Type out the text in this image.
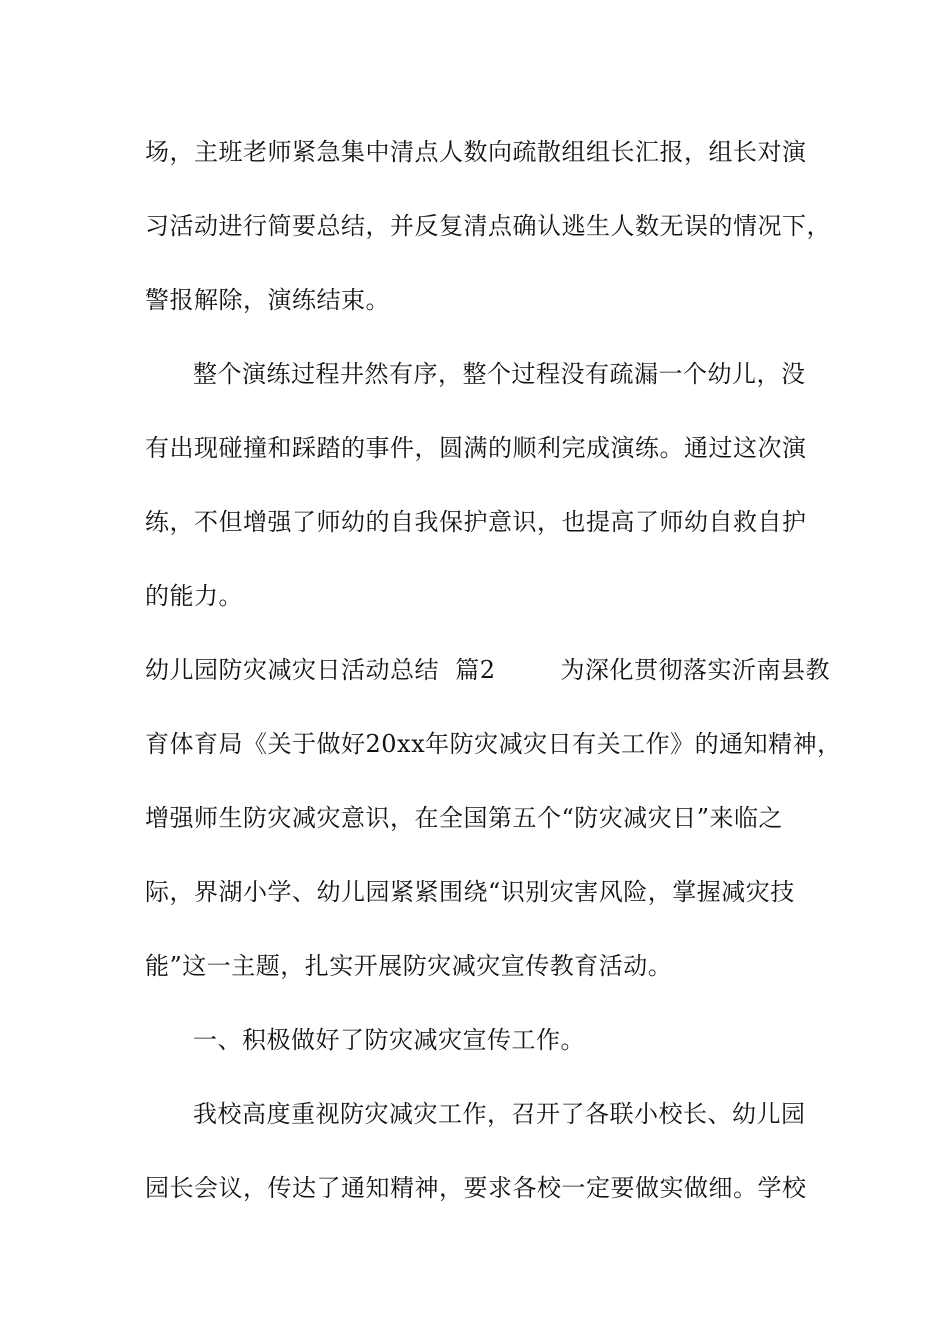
场，主班老师紧急集中清点人数向疏散组组长汇报，组长对演
习活动进行简要总结，并反复清点确认逃生人数无误的情况下，
警报解除，演练结束。
整个演练过程井然有序，整个过程没有疏漏一个幼儿，没
有出现碰撞和踩踏的事件，圆满的顺利完成演练。通过这次演
练，不但增强了师幼的自我保护意识，也提高了师幼自救自护
的能力。
幼儿园防灾减灾日活动总结  篇2        为深化贯彻落实沂南县教
育体育局《关于做好20xx年防灾减灾日有关工作》的通知精神，
增强师生防灾减灾意识，在全国第五个“防灾减灾日”来临之
际，界湖小学、幼儿园紧紧围绕“识别灾害风险，掌握减灾技
能”这一主题，扎实开展防灾减灾宣传教育活动。
一、积极做好了防灾减灾宣传工作。
我校高度重视防灾减灾工作，召开了各联小校长、幼儿园
园长会议，传达了通知精神，要求各校一定要做实做细。学校
